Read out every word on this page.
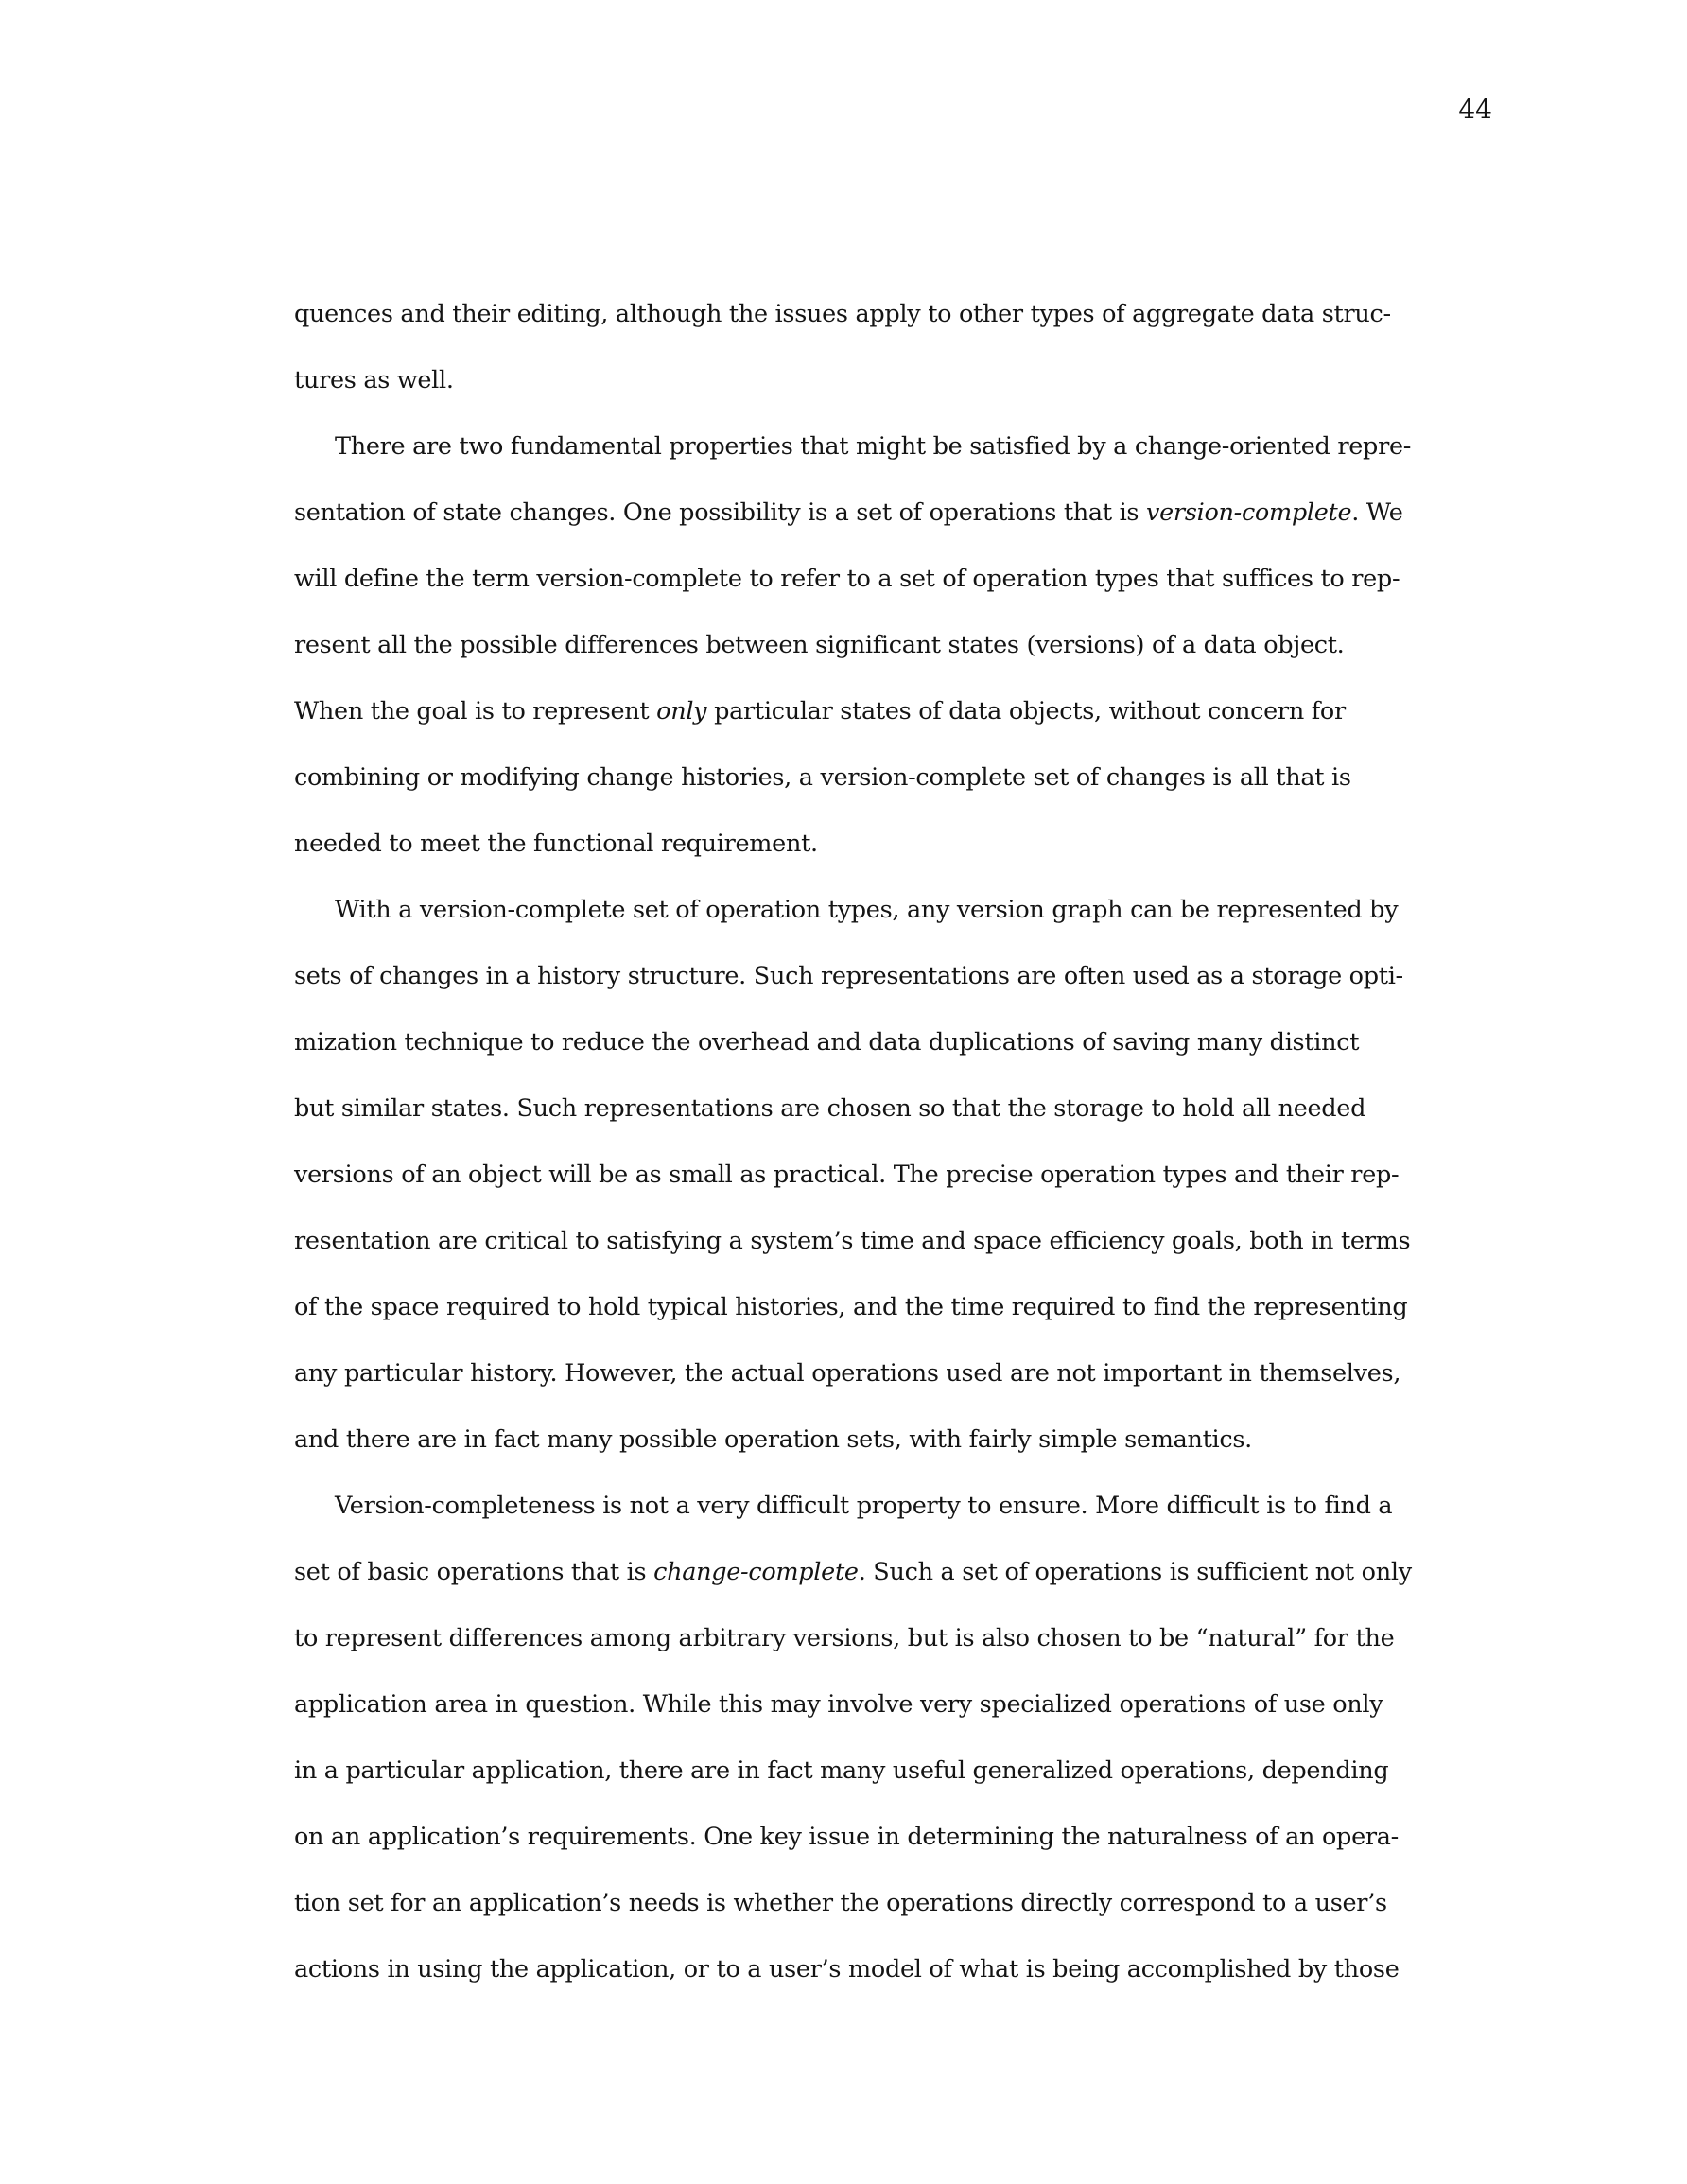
44
quences and their editing, although the issues apply to other types of aggregate data struc-
tures as well.
There are two fundamental properties that might be satisfied by a change-oriented repre-
sentation of state changes. One possibility is a set of operations that is version-complete. We
will define the term version-complete to refer to a set of operation types that suffices to rep-
resent all the possible differences between significant states (versions) of a data object.
When the goal is to represent only particular states of data objects, without concern for
combining or modifying change histories, a version-complete set of changes is all that is
needed to meet the functional requirement.
With a version-complete set of operation types, any version graph can be represented by
sets of changes in a history structure. Such representations are often used as a storage opti-
mization technique to reduce the overhead and data duplications of saving many distinct
but similar states. Such representations are chosen so that the storage to hold all needed
versions of an object will be as small as practical. The precise operation types and their rep-
resentation are critical to satisfying a system’s time and space efficiency goals, both in terms
of the space required to hold typical histories, and the time required to find the representing
any particular history. However, the actual operations used are not important in themselves,
and there are in fact many possible operation sets, with fairly simple semantics.
Version-completeness is not a very difficult property to ensure. More difficult is to find a
set of basic operations that is change-complete. Such a set of operations is sufficient not only
to represent differences among arbitrary versions, but is also chosen to be “natural” for the
application area in question. While this may involve very specialized operations of use only
in a particular application, there are in fact many useful generalized operations, depending
on an application’s requirements. One key issue in determining the naturalness of an opera-
tion set for an application’s needs is whether the operations directly correspond to a user’s
actions in using the application, or to a user’s model of what is being accomplished by those
